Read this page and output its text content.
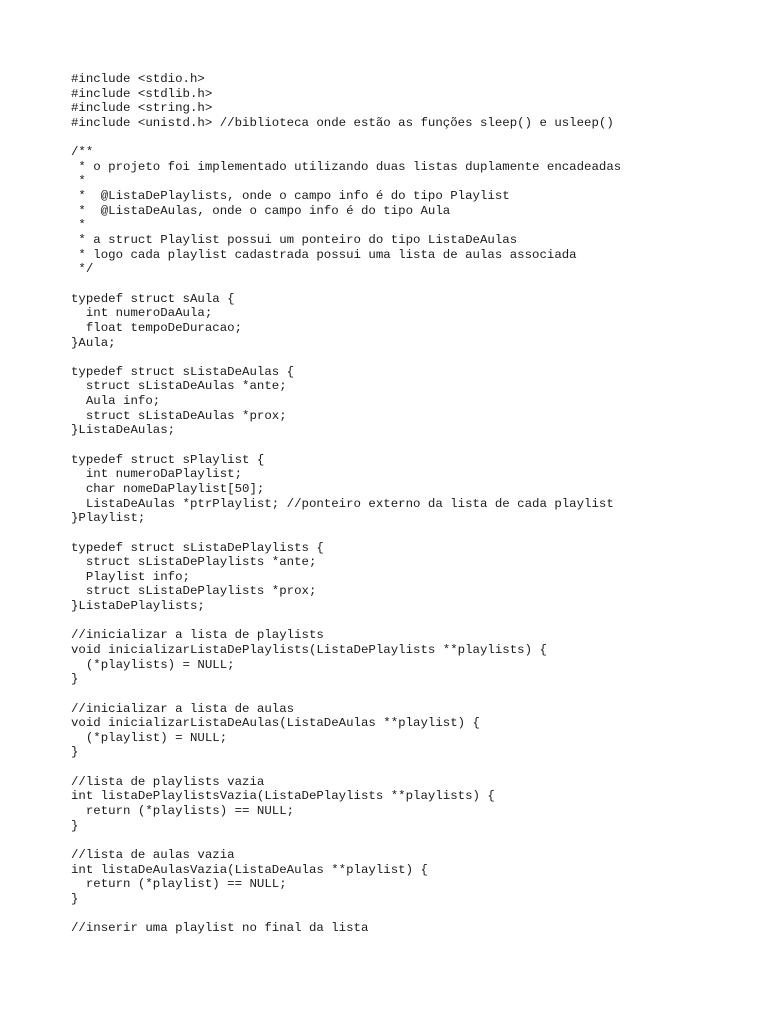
#include <stdio.h>
#include <stdlib.h>
#include <string.h>
#include <unistd.h> //biblioteca onde estão as funções sleep() e usleep()
/**
* o projeto foi implementado utilizando duas listas duplamente encadeadas
*
*  @ListaDePlaylists, onde o campo info é do tipo Playlist
*  @ListaDeAulas, onde o campo info é do tipo Aula
*
* a struct Playlist possui um ponteiro do tipo ListaDeAulas
* logo cada playlist cadastrada possui uma lista de aulas associada
*/
typedef struct sAula {
int numeroDaAula;
float tempoDeDuracao;
}Aula;
typedef struct sListaDeAulas {
struct sListaDeAulas *ante;
Aula info;
struct sListaDeAulas *prox;
}ListaDeAulas;
typedef struct sPlaylist {
int numeroDaPlaylist;
char nomeDaPlaylist[50];
ListaDeAulas *ptrPlaylist; //ponteiro externo da lista de cada playlist
}Playlist;
typedef struct sListaDePlaylists {
struct sListaDePlaylists *ante;
Playlist info;
struct sListaDePlaylists *prox;
}ListaDePlaylists;
//inicializar a lista de playlists
void inicializarListaDePlaylists(ListaDePlaylists **playlists) {
(*playlists) = NULL;
}
//inicializar a lista de aulas
void inicializarListaDeAulas(ListaDeAulas **playlist) {
(*playlist) = NULL;
}
//lista de playlists vazia
int listaDePlaylistsVazia(ListaDePlaylists **playlists) {
return (*playlists) == NULL;
}
//lista de aulas vazia
int listaDeAulasVazia(ListaDeAulas **playlist) {
return (*playlist) == NULL;
}
//inserir uma playlist no final da lista
